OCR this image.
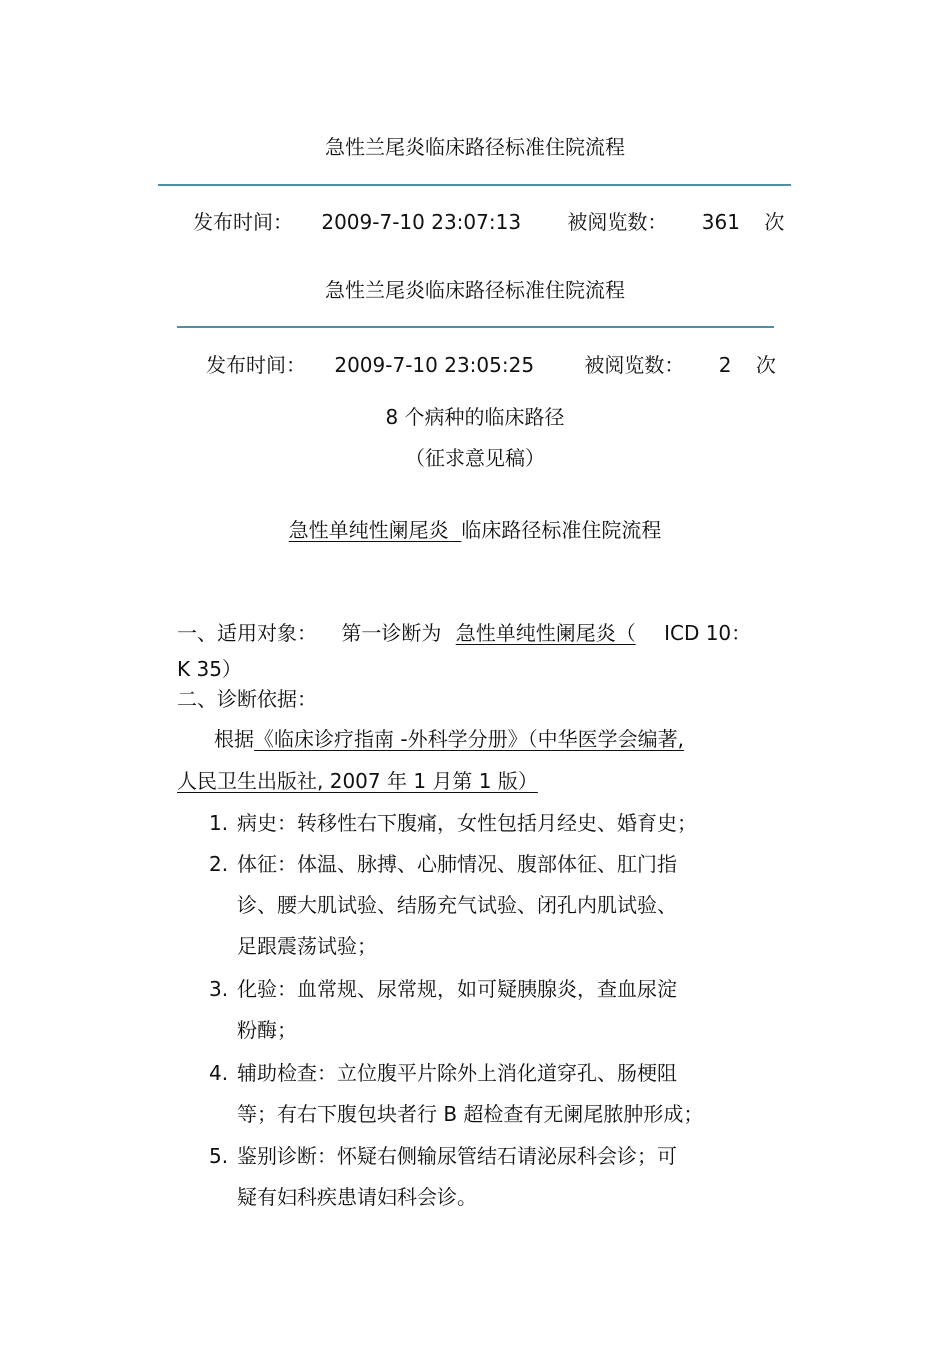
急性兰尾炎临床路径标准住院流程
发布时间： 2009-7-10 23:07:13 被阅览数： 361 次
急性兰尾炎临床路径标准住院流程
发布时间： 2009-7-10 23:05:25	被阅览数： 2 次
8 个病种的临床路径
（征求意见稿）
急性单纯性阑尾炎 临床路径标准住院流程
一、适用对象： 第一诊断为 急性单纯性阑尾炎（ ICD 10：
K 35）
二、诊断依据：
根据《临床诊疗指南 -外科学分册》（中华医学会编著,
人民卫生出版社, 2007 年 1 月第 1 版）
1. 病史：转移性右下腹痛，女性包括月经史、婚育史；
2. 体征：体温、脉搏、心肺情况、腹部体征、肛门指
诊、腰大肌试验、结肠充气试验、闭孔内肌试验、
足跟震荡试验；
3. 化验：血常规、尿常规，如可疑胰腺炎，查血尿淀
粉酶；
4. 辅助检查：立位腹平片除外上消化道穿孔、肠梗阻
等；有右下腹包块者行 B 超检查有无阑尾脓肿形成；
5. 鉴别诊断：怀疑右侧输尿管结石请泌尿科会诊；可
疑有妇科疾患请妇科会诊。
